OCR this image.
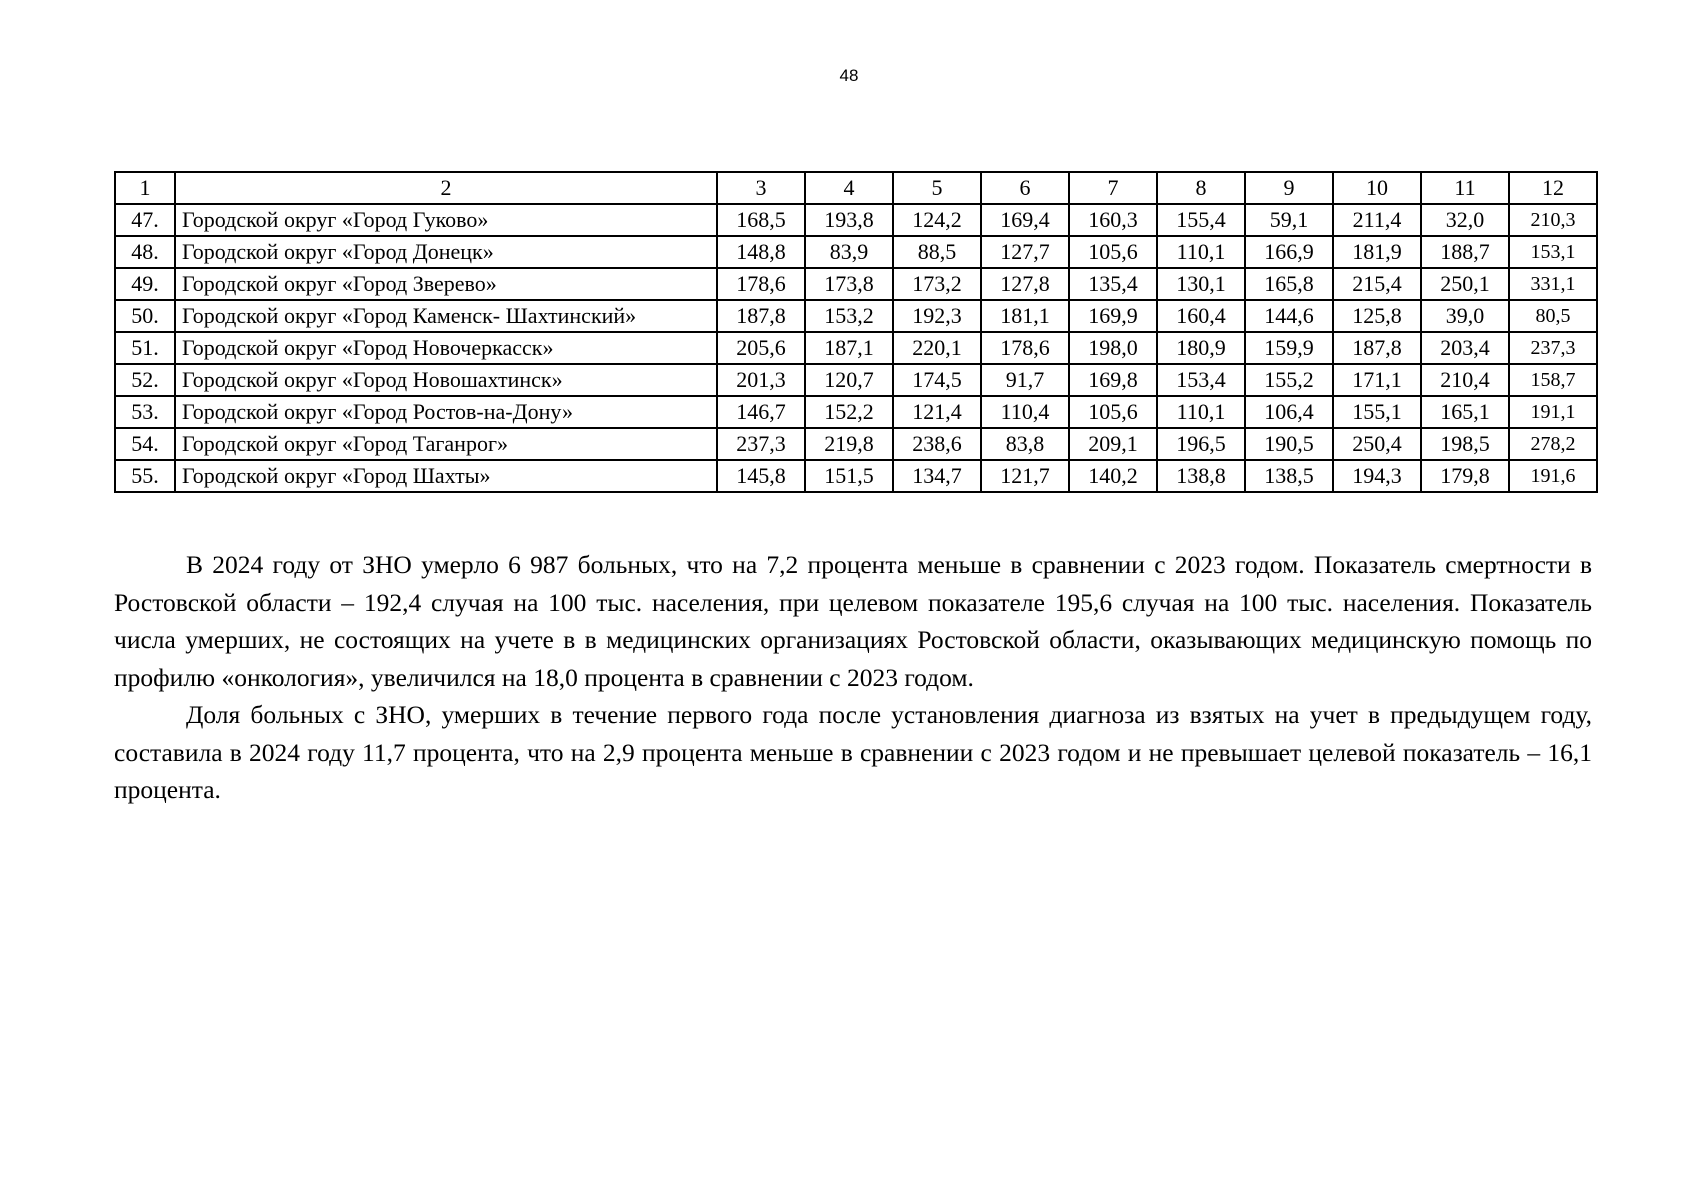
48
1	2	3	4	5	6	7	8	9	10	11	12
47.	Городской округ «Город Гуково»	168,5	193,8	124,2	169,4	160,3	155,4	59,1	211,4	32,0	210,3
48.	Городской округ «Город Донецк»	148,8	83,9	88,5	127,7	105,6	110,1	166,9	181,9	188,7	153,1
49.	Городской округ «Город Зверево»	178,6	173,8	173,2	127,8	135,4	130,1	165,8	215,4	250,1	331,1
50.	Городской округ «Город Каменск- Шахтинский»	187,8	153,2	192,3	181,1	169,9	160,4	144,6	125,8	39,0	80,5
51.	Городской округ «Город Новочеркасск»	205,6	187,1	220,1	178,6	198,0	180,9	159,9	187,8	203,4	237,3
52.	Городской округ «Город Новошахтинск»	201,3	120,7	174,5	91,7	169,8	153,4	155,2	171,1	210,4	158,7
53.	Городской округ «Город Ростов-на-Дону»	146,7	152,2	121,4	110,4	105,6	110,1	106,4	155,1	165,1	191,1
54.	Городской округ «Город Таганрог»	237,3	219,8	238,6	83,8	209,1	196,5	190,5	250,4	198,5	278,2
55.	Городской округ «Город Шахты»	145,8	151,5	134,7	121,7	140,2	138,8	138,5	194,3	179,8	191,6

В 2024 году от ЗНО умерло 6 987 больных, что на 7,2 процента меньше в сравнении с 2023 годом. Показатель смертности в Ростовской области – 192,4 случая на 100 тыс. населения, при целевом показателе 195,6 случая на 100 тыс. населения. Показатель числа умерших, не состоящих на учете в в медицинских организациях Ростовской области, оказывающих медицинскую помощь по профилю «онкология», увеличился на 18,0 процента в сравнении с 2023 годом.

Доля больных с ЗНО, умерших в течение первого года после установления диагноза из взятых на учет в предыдущем году, составила в 2024 году 11,7 процента, что на 2,9 процента меньше в сравнении с 2023 годом и не превышает целевой показатель – 16,1 процента.
